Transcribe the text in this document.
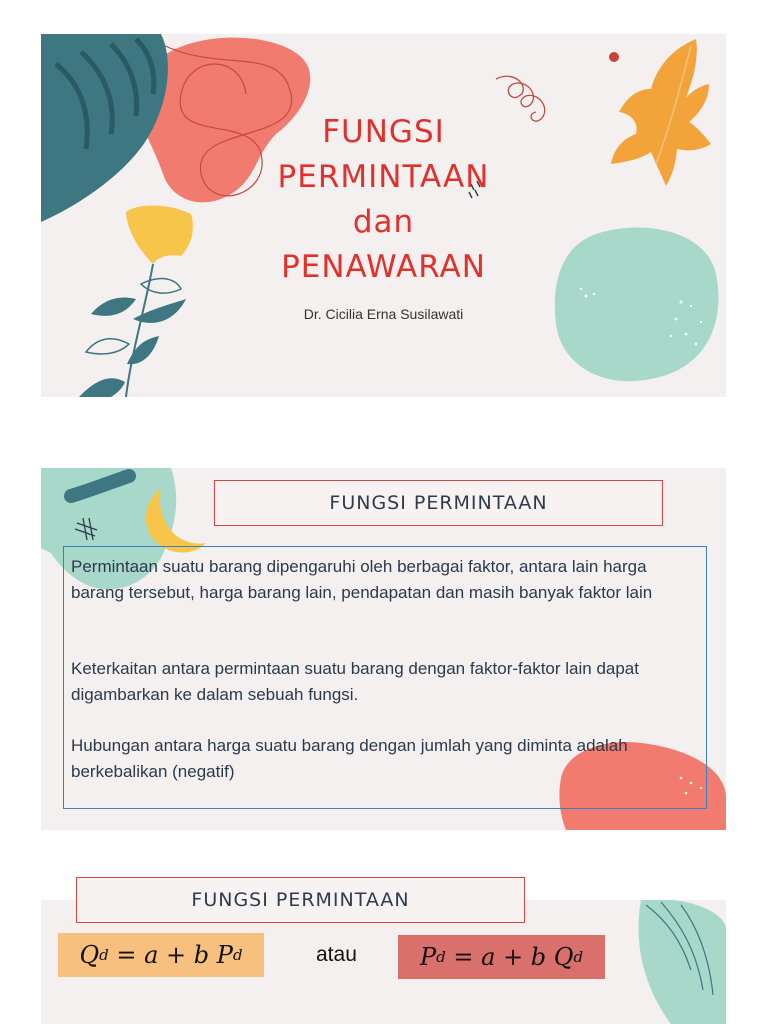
FUNGSI
PERMINTAAN
dan
PENAWARAN
Dr. Cicilia Erna Susilawati
FUNGSI PERMINTAAN
Permintaan suatu barang dipengaruhi oleh berbagai faktor, antara lain harga barang tersebut, harga barang lain, pendapatan dan masih banyak faktor lain
Keterkaitan antara permintaan suatu barang dengan faktor-faktor lain dapat digambarkan ke dalam sebuah fungsi.
Hubungan antara harga suatu barang dengan jumlah yang diminta adalah berkebalikan (negatif)
FUNGSI PERMINTAAN
Q d = a + b P d	atau	P d = a + b Q d
